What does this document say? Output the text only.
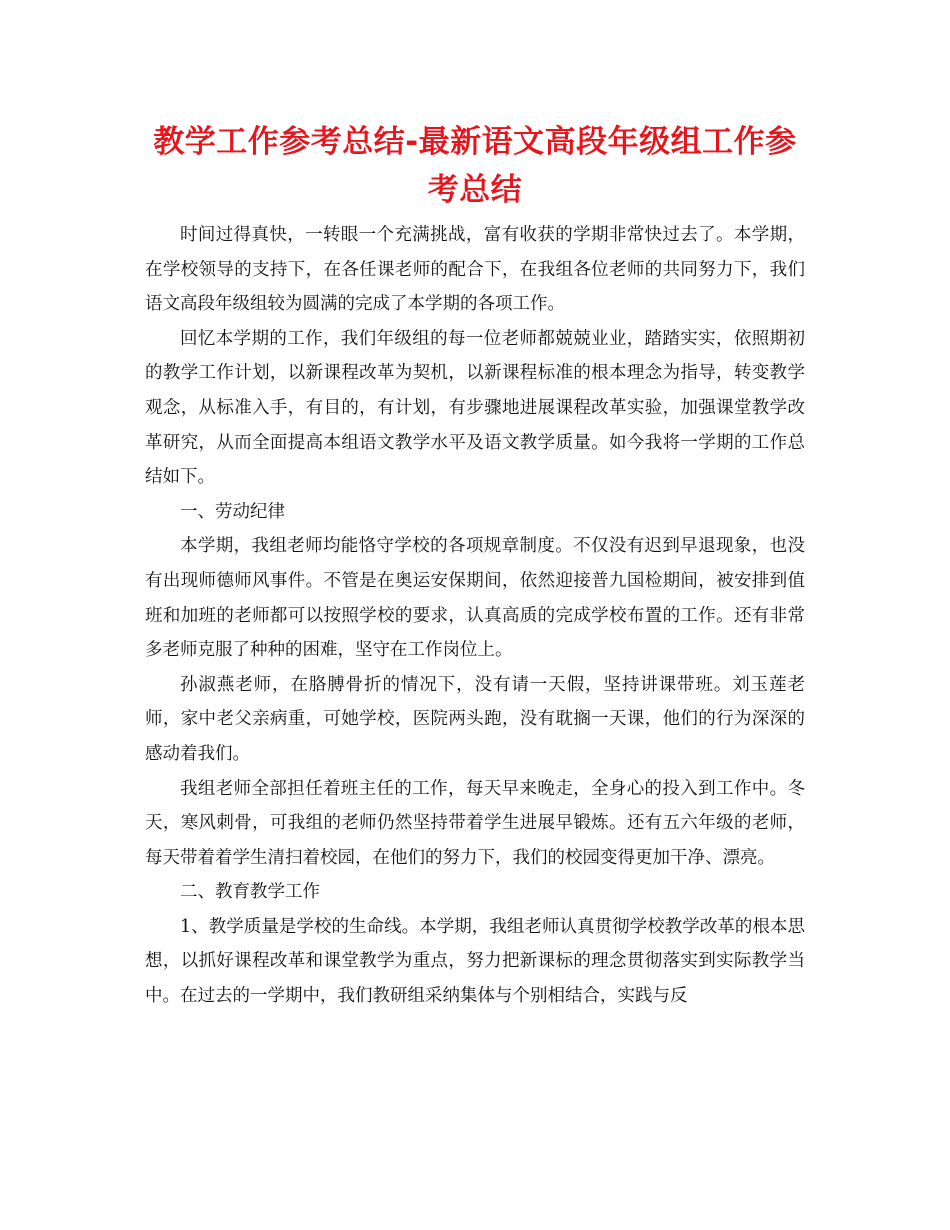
教学工作参考总结-最新语文高段年级组工作参考总结

时间过得真快，一转眼一个充满挑战，富有收获的学期非常快过去了。本学期，在学校领导的支持下，在各任课老师的配合下，在我组各位老师的共同努力下，我们语文高段年级组较为圆满的完成了本学期的各项工作。

回忆本学期的工作，我们年级组的每一位老师都兢兢业业，踏踏实实，依照期初的教学工作计划，以新课程改革为契机，以新课程标准的根本理念为指导，转变教学观念，从标准入手，有目的，有计划，有步骤地进展课程改革实验，加强课堂教学改革研究，从而全面提高本组语文教学水平及语文教学质量。如今我将一学期的工作总结如下。

一、劳动纪律

本学期，我组老师均能恪守学校的各项规章制度。不仅没有迟到早退现象，也没有出现师德师风事件。不管是在奥运安保期间，依然迎接普九国检期间，被安排到值班和加班的老师都可以按照学校的要求，认真高质的完成学校布置的工作。还有非常多老师克服了种种的困难，坚守在工作岗位上。

孙淑燕老师，在胳膊骨折的情况下，没有请一天假，坚持讲课带班。刘玉莲老师，家中老父亲病重，可她学校，医院两头跑，没有耽搁一天课，他们的行为深深的感动着我们。

我组老师全部担任着班主任的工作，每天早来晚走，全身心的投入到工作中。冬天，寒风刺骨，可我组的老师仍然坚持带着学生进展早锻炼。还有五六年级的老师，每天带着着学生清扫着校园，在他们的努力下，我们的校园变得更加干净、漂亮。

二、教育教学工作

1、教学质量是学校的生命线。本学期，我组老师认真贯彻学校教学改革的根本思想，以抓好课程改革和课堂教学为重点，努力把新课标的理念贯彻落实到实际教学当中。在过去的一学期中，我们教研组采纳集体与个别相结合，实践与反
